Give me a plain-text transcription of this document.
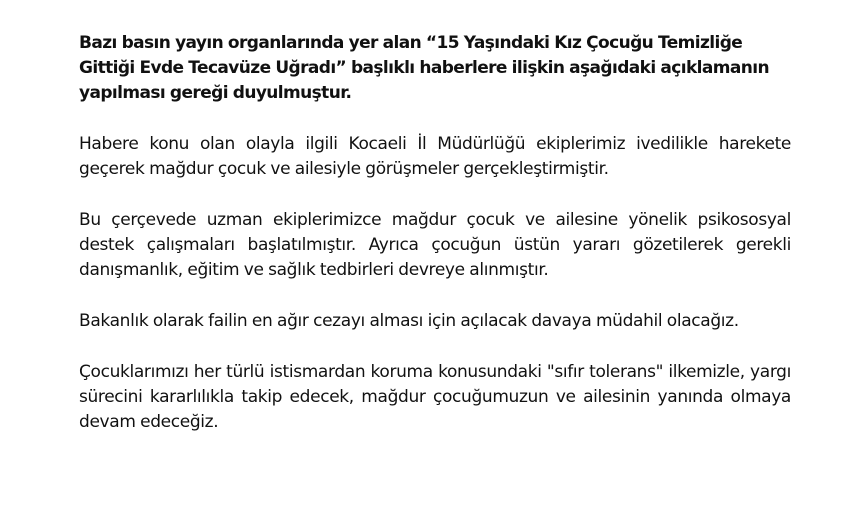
Bazı basın yayın organlarında yer alan “15 Yaşındaki Kız Çocuğu Temizliğe Gittiği Evde Tecavüze Uğradı” başlıklı haberlere ilişkin aşağıdaki açıklamanın yapılması gereği duyulmuştur.

Habere konu olan olayla ilgili Kocaeli İl Müdürlüğü ekiplerimiz ivedilikle harekete geçerek mağdur çocuk ve ailesiyle görüşmeler gerçekleştirmiştir.

Bu çerçevede uzman ekiplerimizce mağdur çocuk ve ailesine yönelik psikososyal destek çalışmaları başlatılmıştır. Ayrıca çocuğun üstün yararı gözetilerek gerekli danışmanlık, eğitim ve sağlık tedbirleri devreye alınmıştır.

Bakanlık olarak failin en ağır cezayı alması için açılacak davaya müdahil olacağız.

Çocuklarımızı her türlü istismardan koruma konusundaki "sıfır tolerans" ilkemizle, yargı sürecini kararlılıkla takip edecek, mağdur çocuğumuzun ve ailesinin yanında olmaya devam edeceğiz.
